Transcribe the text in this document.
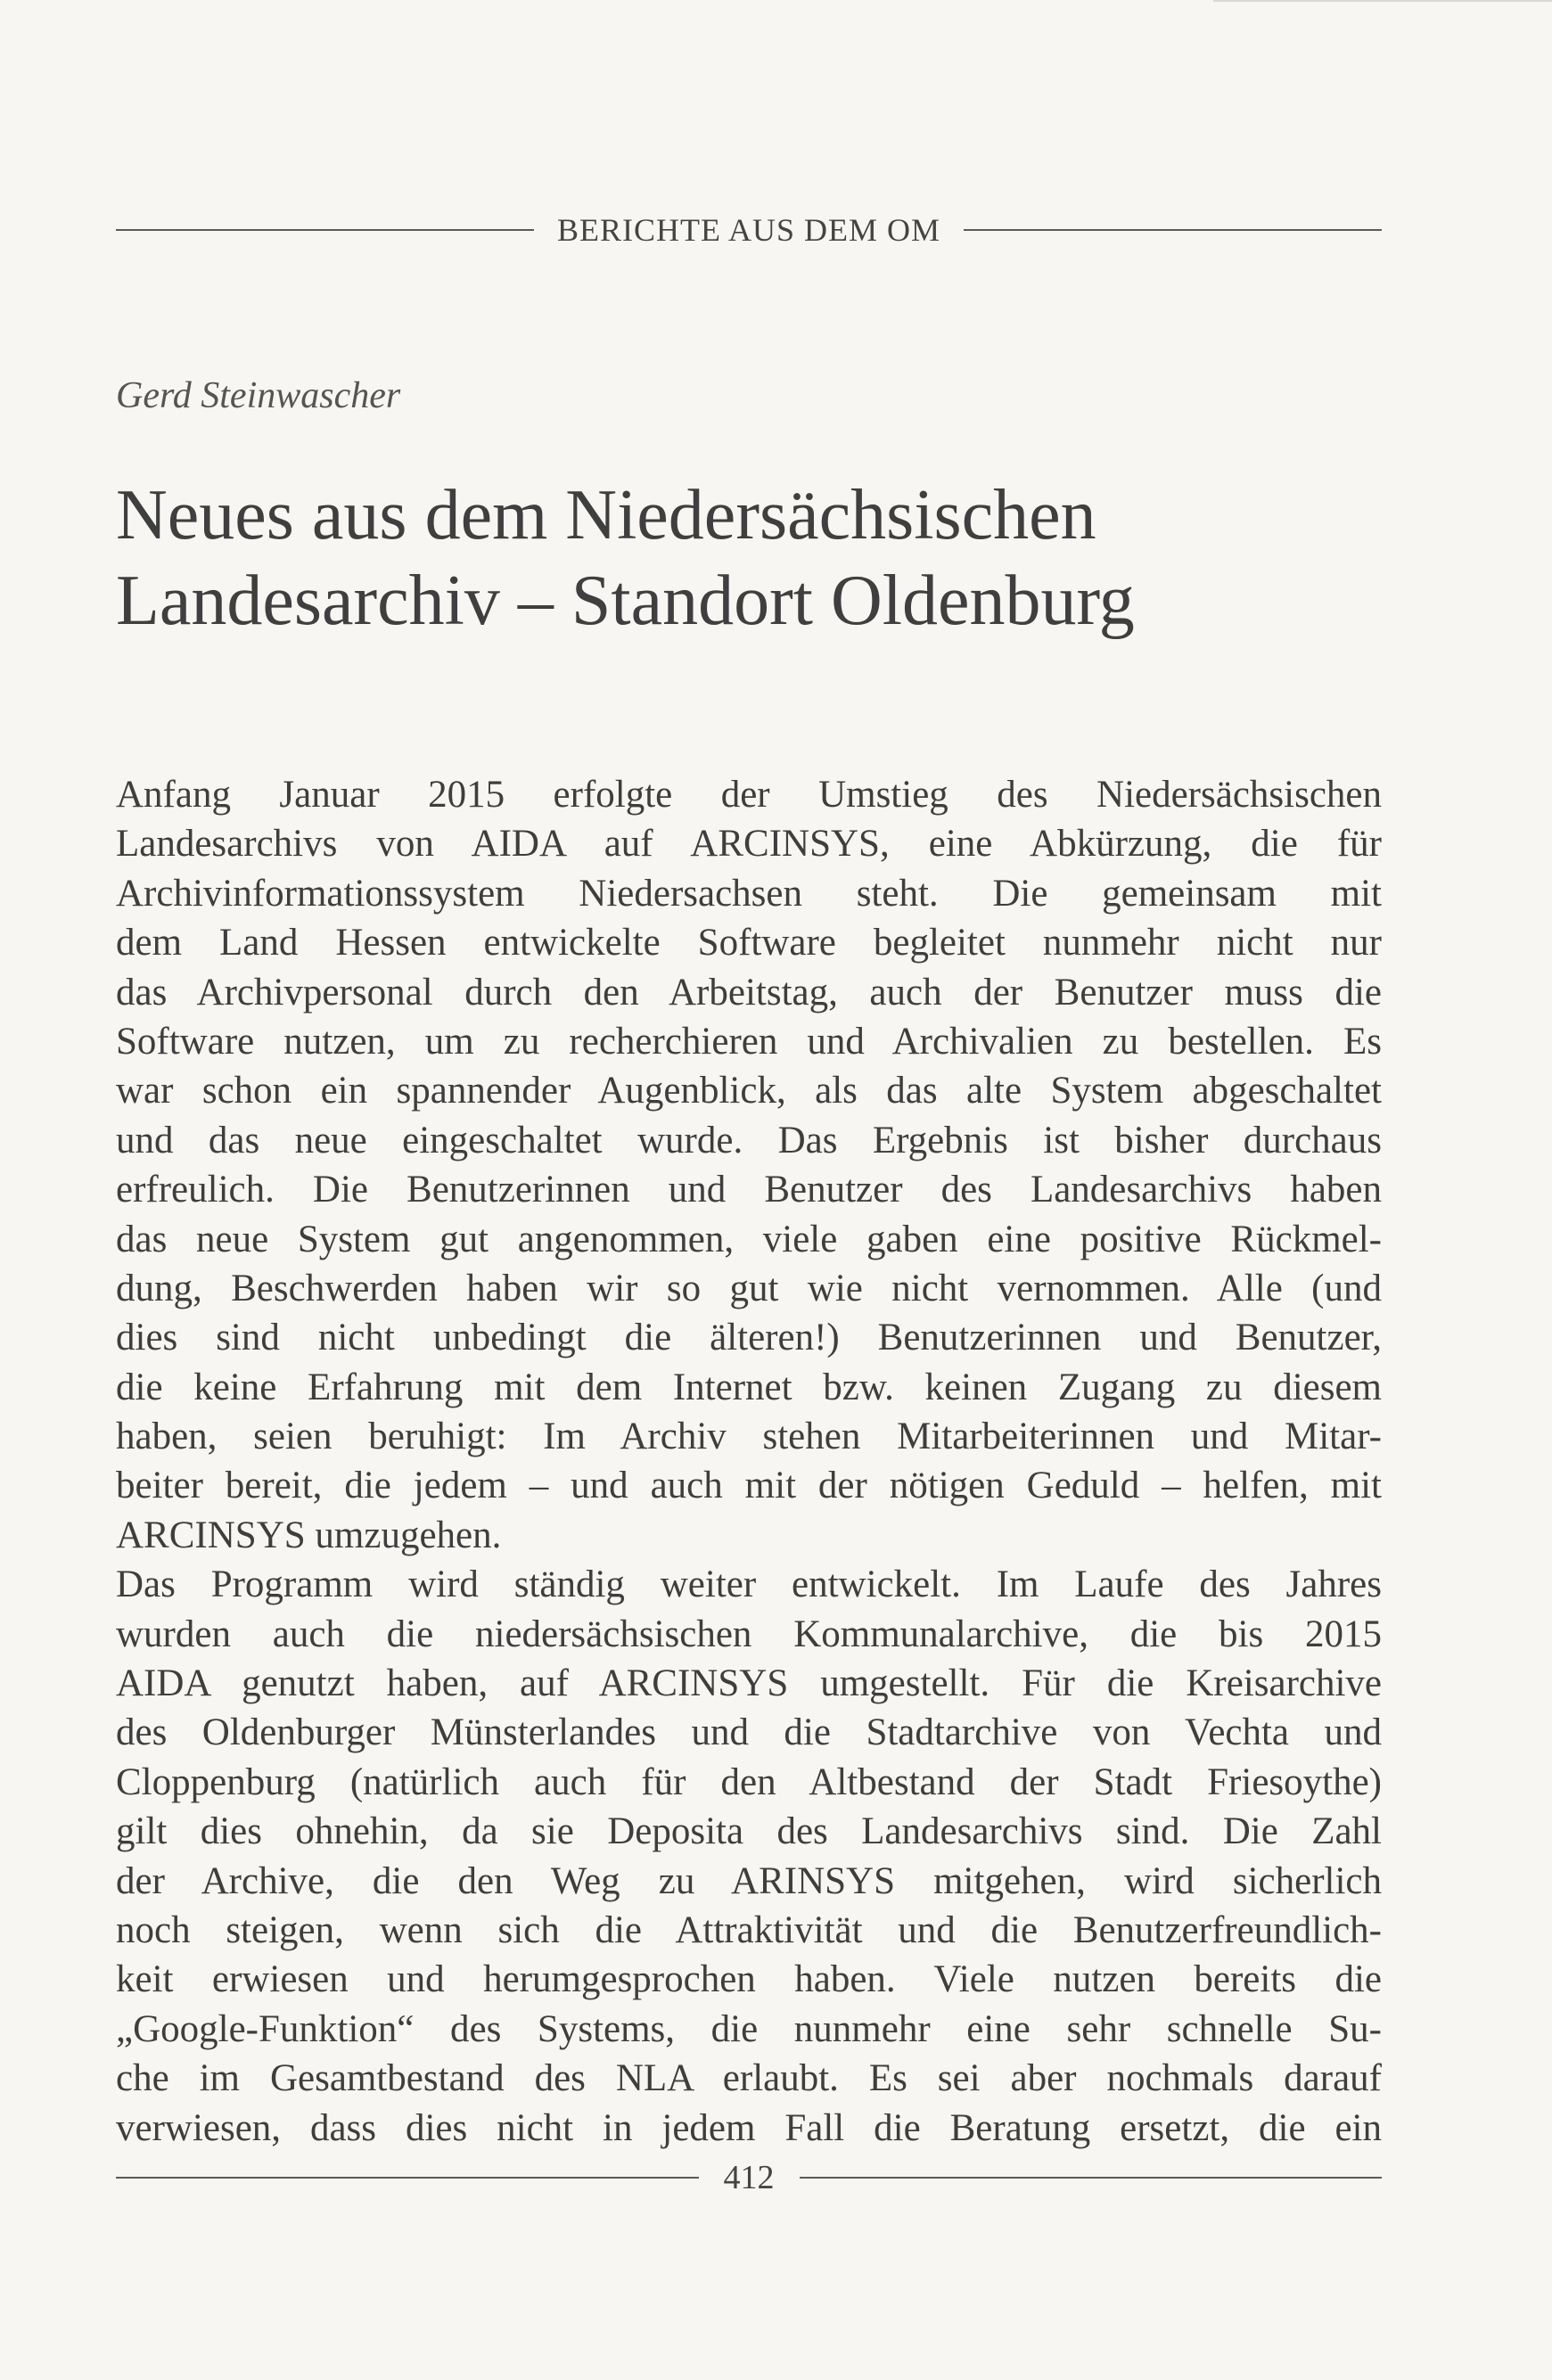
BERICHTE AUS DEM OM
Gerd Steinwascher
Neues aus dem Niedersächsischen
Landesarchiv – Standort Oldenburg
Anfang Januar 2015 erfolgte der Umstieg des Niedersächsischen
Landesarchivs von AIDA auf ARCINSYS, eine Abkürzung, die für
Archivinformationssystem Niedersachsen steht. Die gemeinsam mit
dem Land Hessen entwickelte Software begleitet nunmehr nicht nur
das Archivpersonal durch den Arbeitstag, auch der Benutzer muss die
Software nutzen, um zu recherchieren und Archivalien zu bestellen. Es
war schon ein spannender Augenblick, als das alte System abgeschaltet
und das neue eingeschaltet wurde. Das Ergebnis ist bisher durchaus
erfreulich. Die Benutzerinnen und Benutzer des Landesarchivs haben
das neue System gut angenommen, viele gaben eine positive Rückmel-
dung, Beschwerden haben wir so gut wie nicht vernommen. Alle (und
dies sind nicht unbedingt die älteren!) Benutzerinnen und Benutzer,
die keine Erfahrung mit dem Internet bzw. keinen Zugang zu diesem
haben, seien beruhigt: Im Archiv stehen Mitarbeiterinnen und Mitar-
beiter bereit, die jedem – und auch mit der nötigen Geduld – helfen, mit
ARCINSYS umzugehen.
Das Programm wird ständig weiter entwickelt. Im Laufe des Jahres
wurden auch die niedersächsischen Kommunalarchive, die bis 2015
AIDA genutzt haben, auf ARCINSYS umgestellt. Für die Kreisarchive
des Oldenburger Münsterlandes und die Stadtarchive von Vechta und
Cloppenburg (natürlich auch für den Altbestand der Stadt Friesoythe)
gilt dies ohnehin, da sie Deposita des Landesarchivs sind. Die Zahl
der Archive, die den Weg zu ARINSYS mitgehen, wird sicherlich
noch steigen, wenn sich die Attraktivität und die Benutzerfreundlich-
keit erwiesen und herumgesprochen haben. Viele nutzen bereits die
„Google-Funktion“ des Systems, die nunmehr eine sehr schnelle Su-
che im Gesamtbestand des NLA erlaubt. Es sei aber nochmals darauf
verwiesen, dass dies nicht in jedem Fall die Beratung ersetzt, die ein
412
